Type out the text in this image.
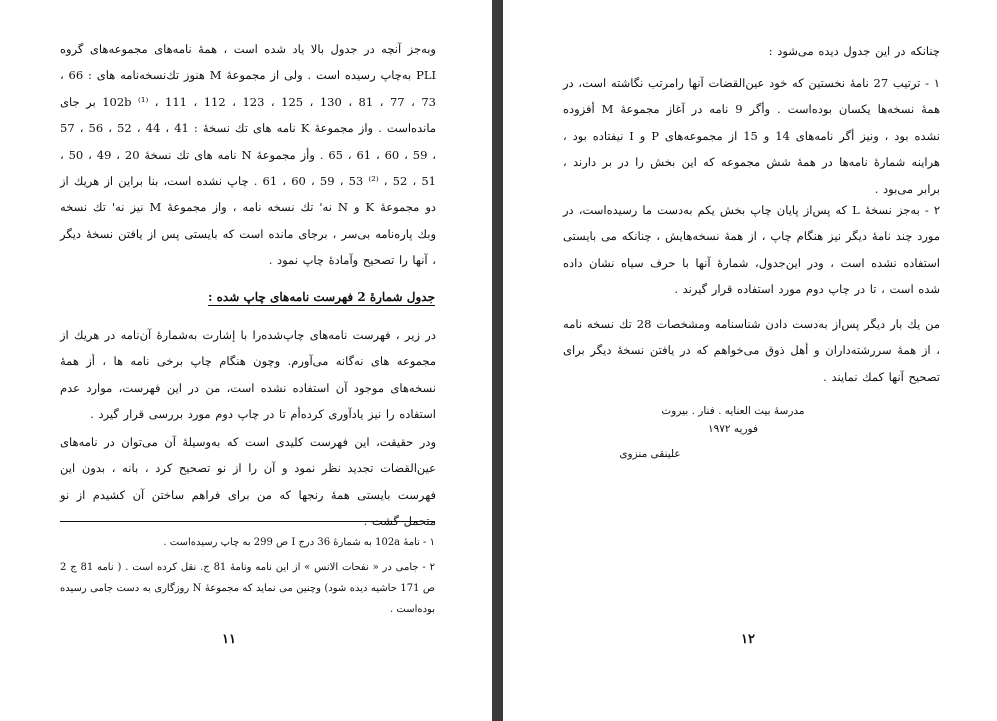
وبه‌جز آنچه در جدول بالا یاد شده است ، همهٔ نامه‌های مجموعه‌های گروه PLI به‌چاپ رسیده است . ولی از مجموعهٔ M هنوز تك‌نسخه‌نامه های : 66 ، 73 ، 77 ، 81 ، 102b ⁽¹⁾ ، 111 ، 112 ، 123 ، 125 ، 130 بر جای مانده‌است . واز مجموعهٔ K نامه های تك نسخهٔ : 41 ، 44 ، 52 ، 56 ، 57 ، 59 ، 60 ، 61 ، 65 . وأز مجموعهٔ N نامه های تك نسخهٔ 20 ، 49 ، 50 ، 51 ، 52 ، ⁽²⁾ 53 ، 59 ، 60 ، 61 . چاپ نشده است، بنا براین از هریك از دو مجموعهٔ K و N نه' تك نسخه نامه ، واز مجموعهٔ M نیز نه' تك نسخه وبك پاره‌نامه بی‌سر ، برجای مانده است كه بایستی پس از یافتن نسخهٔ دیگر ، آنها را تصحیح وآمادهٔ چاپ نمود .

جدول شمارهٔ 2 فهرست نامه‌های چاپ شده :

در زیر ، فهرست نامه‌های چاپ‌شده‌را با إشارت به‌شمارهٔ آن‌نامه در هریك از مجموعه های نه‌گانه می‌آورم. وچون هنگام چاپ برخی نامه ها ، أز همهٔ نسخه‌های موجود آن استفاده نشده است، من در این فهرست، موارد عدم استفاده را نیز یادآوری كرده‌أم تا در چاپ دوم مورد بررسی قرار گیرد .

ودر حقیقت، این فهرست كلیدی است كه به‌وسیلهٔ آن می‌توان در نامه‌های عین‌القضات تجدید نظر نمود و آن را از نو تصحیح كرد ، بانه ، بدون این فهرست بایستی همهٔ رنجها كه من برای فراهم ساختن آن كشیدم از نو متحمل گشت .

١ - نامهٔ 102a به شمارهٔ 36 درج I ص 299 به چاپ رسیده‌است .

٢ - جامی در « نفحات الانس » از این نامه ونامهٔ 81 ج. نقل كرده است . ( نامه 81 ج 2 ص 171 حاشیه دیده شود) وچنین می نماید كه مجموعهٔ N روزگاری به دست جامی رسیده بوده‌است .

١١

چنانكه در این جدول دیده می‌شود :

١ - ترتیب 27 نامهٔ نخستین كه خود عین‌القضات آنها رامرتب نگاشته است، در همهٔ نسخه‌ها یكسان بوده‌است . وأگر 9 نامه در آغاز مجموعهٔ M أفزوده نشده بود ، ونیز أگر نامه‌های 14 و 15 از مجموعه‌های P و I نیفتاده بود ، هراینه شمارهٔ نامه‌ها در همهٔ شش مجموعه كه این بخش را در بر دارند ، برابر می‌بود .

٢ - به‌جز نسخهٔ L كه پس‌از پایان چاپ بخش یكم به‌دست ما رسیده‌است، در مورد چند نامهٔ دیگر نیز هنگام چاپ ، از همهٔ نسخه‌هایش ، چنانكه می بایستی استفاده نشده است ، ودر این‌جدول، شمارهٔ آنها با حرف سیاه نشان داده شده است ، تا در چاپ دوم مورد استفاده قرار گیرند .

من یك بار دیگر پس‌از به‌دست دادن شناسنامه ومشخصات 28 تك نسخه نامه ، از همهٔ سررشته‌داران و أهل ذوق می‌خواهم كه در یافتن نسخهٔ دیگر برای تصحیح آنها كمك نمایند .

مدرسهٔ بیت العنایه . فنار . بیروت
فوریه ١٩٧٢

علینقی منزوی

١٢
